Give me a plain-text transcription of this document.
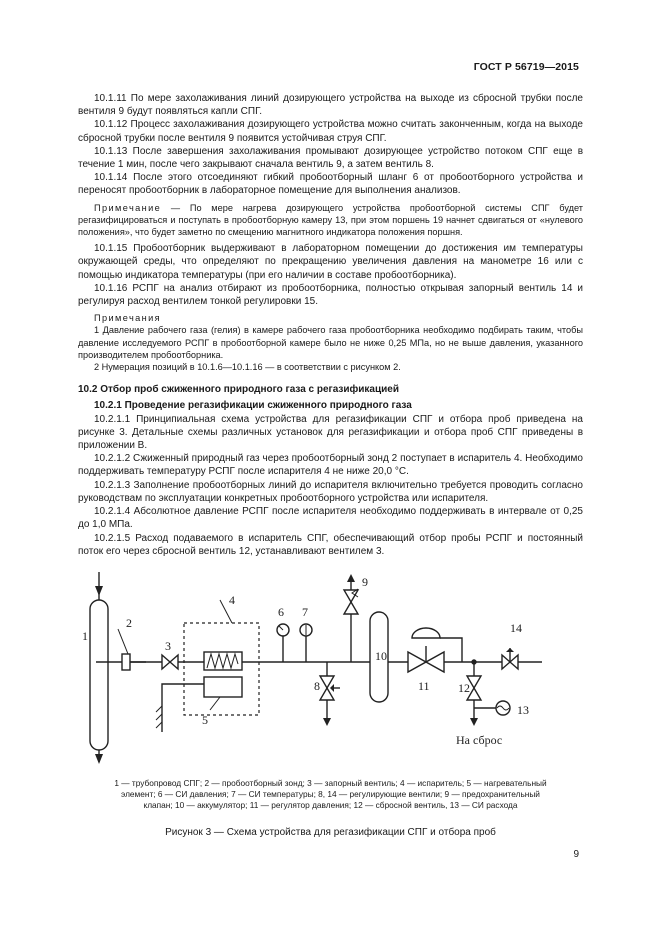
ГОСТ Р 56719—2015

10.1.11 По мере захолаживания линий дозирующего устройства на выходе из сбросной трубки после вентиля 9 будут появляться капли СПГ.

10.1.12 Процесс захолаживания дозирующего устройства можно считать законченным, когда на выходе сбросной трубки после вентиля 9 появится устойчивая струя СПГ.

10.1.13 После завершения захолаживания промывают дозирующее устройство потоком СПГ еще в течение 1 мин, после чего закрывают сначала вентиль 9, а затем вентиль 8.

10.1.14 После этого отсоединяют гибкий пробоотборный шланг 6 от пробоотборного устройства и переносят пробоотборник в лабораторное помещение для выполнения анализов.

Примечание — По мере нагрева дозирующего устройства пробоотборной системы СПГ будет регазифицироваться и поступать в пробоотборную камеру 13, при этом поршень 19 начнет сдвигаться от «нулевого положения», что будет заметно по смещению магнитного индикатора положения поршня.

10.1.15 Пробоотборник выдерживают в лабораторном помещении до достижения им температуры окружающей среды, что определяют по прекращению увеличения давления на манометре 16 или с помощью индикатора температуры (при его наличии в составе пробоотборника).

10.1.16 РСПГ на анализ отбирают из пробоотборника, полностью открывая запорный вентиль 14 и регулируя расход вентилем тонкой регулировки 15.

Примечания

1 Давление рабочего газа (гелия) в камере рабочего газа пробоотборника необходимо подбирать таким, чтобы давление исследуемого РСПГ в пробоотборной камере было не ниже 0,25 МПа, но не выше давления, указанного производителем пробоотборника.

2 Нумерация позиций в 10.1.6—10.1.16 — в соответствии с рисунком 2.

10.2 Отбор проб сжиженного природного газа с регазификацией

10.2.1 Проведение регазификации сжиженного природного газа

10.2.1.1 Принципиальная схема устройства для регазификации СПГ и отбора проб приведена на рисунке 3. Детальные схемы различных установок для регазификации и отбора проб СПГ приведены в приложении В.

10.2.1.2 Сжиженный природный газ через пробоотборный зонд 2 поступает в испаритель 4. Необходимо поддерживать температуру РСПГ после испарителя 4 не ниже 20,0 °С.

10.2.1.3 Заполнение пробоотборных линий до испарителя включительно требуется проводить согласно руководствам по эксплуатации конкретных пробоотборного устройства или испарителя.

10.2.1.4 Абсолютное давление РСПГ после испарителя необходимо поддерживать в интервале от 0,25 до 1,0 МПа.

10.2.1.5 Расход подаваемого в испаритель СПГ, обеспечивающий отбор пробы РСПГ и постоянный поток его через сбросной вентиль 12, устанавливают вентилем 3.

1
2
3
4
5
6 7
8
9
10
11 12
13
14
На сброс
1 — трубопровод СПГ; 2 — пробоотборный зонд; 3 — запорный вентиль; 4 — испаритель; 5 — нагревательный
элемент; 6 — СИ давления; 7 — СИ температуры; 8, 14 — регулирующие вентили; 9 — предохранительный
клапан; 10 — аккумулятор; 11 — регулятор давления; 12 — сбросной вентиль, 13 — СИ расхода
Рисунок 3 — Схема устройства для регазификации СПГ и отбора проб
9
